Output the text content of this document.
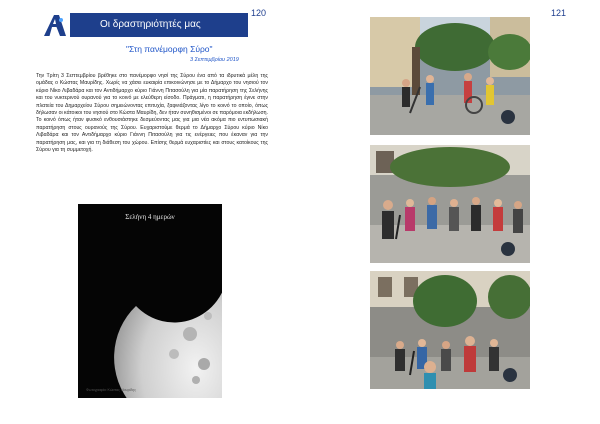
120	121
Οι δραστηριότητές μας
"Στη πανέμορφη Σύρο"
3 Σεπτεμβρίου 2019
Την Τρίτη 3 Σεπτεμβρίου βρέθηκε στο πανέμορφο νησί της Σύρου ένα από τα ιδρυτικά μέλη της ομάδας ο Κώστας Μαυρίδης. Χωρίς να χάσει ευκαιρία επικοινώνησε με το Δήμαρχο του νησιού τον κύριο Νίκο Λιβαδάρα και τον Αντιδήμαρχο κύριο Γιάννη Πιτασούλη για μία παρατήρηση της Σελήνης και του νυκτερινού ουρανού για το κοινό με ελεύθερη είσοδο. Πράγματι, η παρατήρηση έγινε στην πλατεία του Δημαρχείου Σύρου σημειώνοντας επιτυχία, ξαφνιάζοντας λίγο το κοινό το οποίο, όπως δήλωσαν οι κάτοικοι του νησιού στο Κώστα Μαυρίδη, δεν ήταν συνηθισμένοι σε παρόμοια εκδήλωση. Το κοινό όπως ήταν φυσικό ενθουσιάστηκε δεσμεύοντας μας για μια νέα ακόμα πιο εντυπωσιακή παρατήρηση στους ουρανούς της Σύρου. Ευχαριστούμε θερμά το Δήμαρχο Σύρου κύριο Νίκο Λιβαδάρα και τον Αντιδήμαρχο κύριο Γιάννη Πιτασούλη για τις ενέργειες που έκαναν για την παρατήρηση μας, και για τη διάθεση του χώρου. Επίσης θερμά ευχαριστίες και στους κατοίκους της Σύρου για τη συμμετοχή.
Σελήνη 4 ημερών
Φωτογραφία: Κώστας Μαυρίδης
